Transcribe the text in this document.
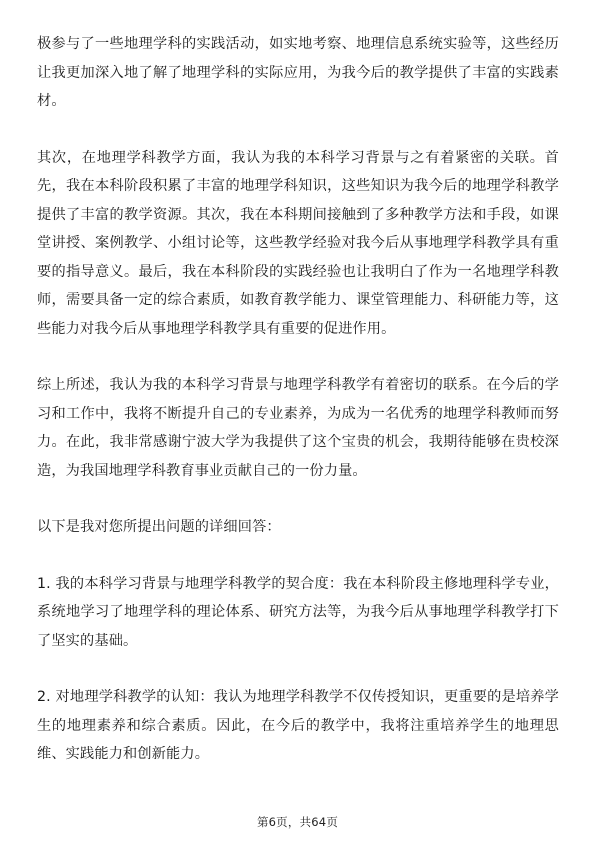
极参与了一些地理学科的实践活动，如实地考察、地理信息系统实验等，这些经历让我更加深入地了解了地理学科的实际应用，为我今后的教学提供了丰富的实践素材。

其次，在地理学科教学方面，我认为我的本科学习背景与之有着紧密的关联。首先，我在本科阶段积累了丰富的地理学科知识，这些知识为我今后的地理学科教学提供了丰富的教学资源。其次，我在本科期间接触到了多种教学方法和手段，如课堂讲授、案例教学、小组讨论等，这些教学经验对我今后从事地理学科教学具有重要的指导意义。最后，我在本科阶段的实践经验也让我明白了作为一名地理学科教师，需要具备一定的综合素质，如教育教学能力、课堂管理能力、科研能力等，这些能力对我今后从事地理学科教学具有重要的促进作用。

综上所述，我认为我的本科学习背景与地理学科教学有着密切的联系。在今后的学习和工作中，我将不断提升自己的专业素养，为成为一名优秀的地理学科教师而努力。在此，我非常感谢宁波大学为我提供了这个宝贵的机会，我期待能够在贵校深造，为我国地理学科教育事业贡献自己的一份力量。

以下是我对您所提出问题的详细回答：

1. 我的本科学习背景与地理学科教学的契合度：我在本科阶段主修地理科学专业，系统地学习了地理学科的理论体系、研究方法等，为我今后从事地理学科教学打下了坚实的基础。

2. 对地理学科教学的认知：我认为地理学科教学不仅传授知识，更重要的是培养学生的地理素养和综合素质。因此，在今后的教学中，我将注重培养学生的地理思维、实践能力和创新能力。

第6页，共64页
